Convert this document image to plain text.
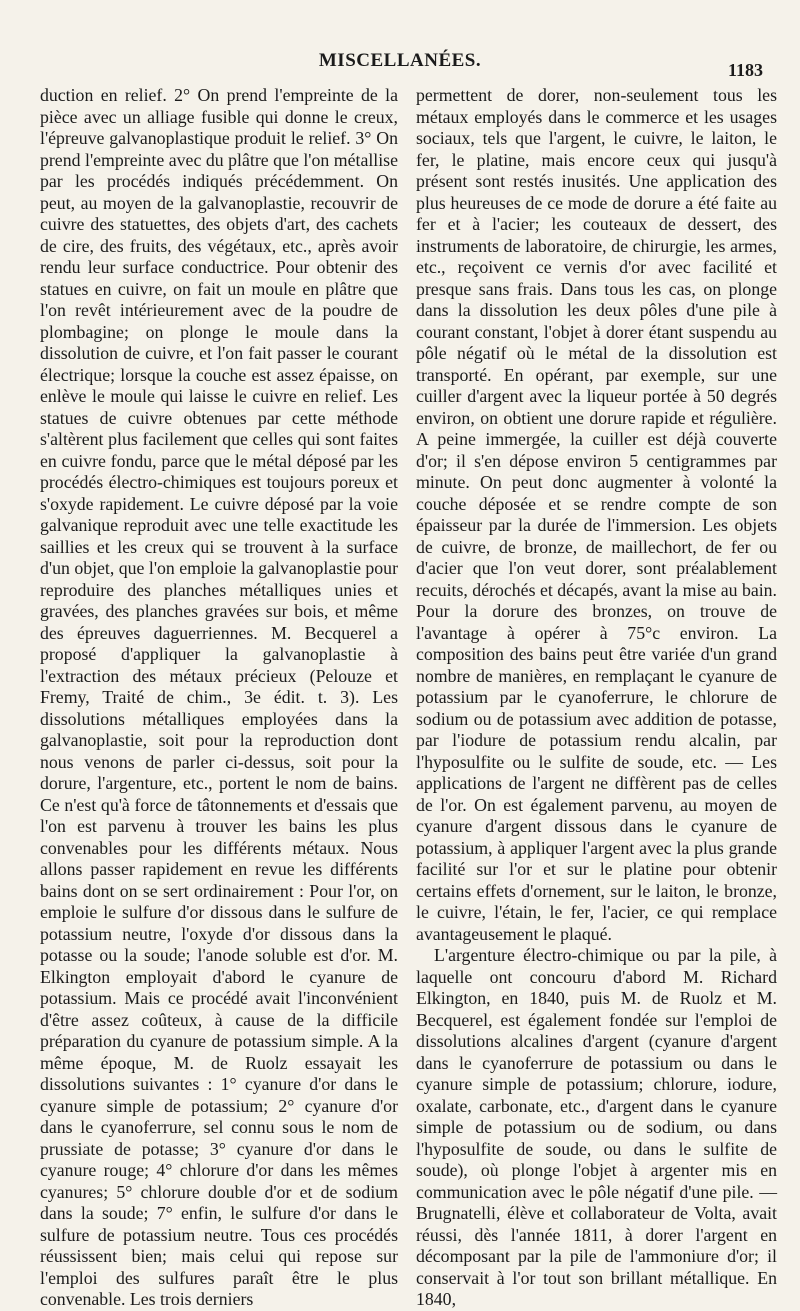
MISCELLANÉES.	1183

duction en relief. 2° On prend l'empreinte de la pièce avec un alliage fusible qui donne le creux, l'épreuve galvanoplastique produit le relief. 3° On prend l'empreinte avec du plâtre que l'on métallise par les procédés indiqués précédemment. On peut, au moyen de la galvanoplastie, recouvrir de cuivre des statuettes, des objets d'art, des cachets de cire, des fruits, des végétaux, etc., après avoir rendu leur surface conductrice. Pour obtenir des statues en cuivre, on fait un moule en plâtre que l'on revêt intérieurement avec de la poudre de plombagine; on plonge le moule dans la dissolution de cuivre, et l'on fait passer le courant électrique; lorsque la couche est assez épaisse, on enlève le moule qui laisse le cuivre en relief. Les statues de cuivre obtenues par cette méthode s'altèrent plus facilement que celles qui sont faites en cuivre fondu, parce que le métal déposé par les procédés électro-chimiques est toujours poreux et s'oxyde rapidement. Le cuivre déposé par la voie galvanique reproduit avec une telle exactitude les saillies et les creux qui se trouvent à la surface d'un objet, que l'on emploie la galvanoplastie pour reproduire des planches métalliques unies et gravées, des planches gravées sur bois, et même des épreuves daguerriennes. M. Becquerel a proposé d'appliquer la galvanoplastie à l'extraction des métaux précieux (Pelouze et Fremy, Traité de chim., 3e édit. t. 3). Les dissolutions métalliques employées dans la galvanoplastie, soit pour la reproduction dont nous venons de parler ci-dessus, soit pour la dorure, l'argenture, etc., portent le nom de bains. Ce n'est qu'à force de tâtonnements et d'essais que l'on est parvenu à trouver les bains les plus convenables pour les différents métaux. Nous allons passer rapidement en revue les différents bains dont on se sert ordinairement : Pour l'or, on emploie le sulfure d'or dissous dans le sulfure de potassium neutre, l'oxyde d'or dissous dans la potasse ou la soude; l'anode soluble est d'or. M. Elkington employait d'abord le cyanure de potassium. Mais ce procédé avait l'inconvénient d'être assez coûteux, à cause de la difficile préparation du cyanure de potassium simple. A la même époque, M. de Ruolz essayait les dissolutions suivantes : 1° cyanure d'or dans le cyanure simple de potassium; 2° cyanure d'or dans le cyanoferrure, sel connu sous le nom de prussiate de potasse; 3° cyanure d'or dans le cyanure rouge; 4° chlorure d'or dans les mêmes cyanures; 5° chlorure double d'or et de sodium dans la soude; 7° enfin, le sulfure d'or dans le sulfure de potassium neutre. Tous ces procédés réussissent bien; mais celui qui repose sur l'emploi des sulfures paraît être le plus convenable. Les trois derniers

permettent de dorer, non-seulement tous les métaux employés dans le commerce et les usages sociaux, tels que l'argent, le cuivre, le laiton, le fer, le platine, mais encore ceux qui jusqu'à présent sont restés inusités. Une application des plus heureuses de ce mode de dorure a été faite au fer et à l'acier; les couteaux de dessert, des instruments de laboratoire, de chirurgie, les armes, etc., reçoivent ce vernis d'or avec facilité et presque sans frais. Dans tous les cas, on plonge dans la dissolution les deux pôles d'une pile à courant constant, l'objet à dorer étant suspendu au pôle négatif où le métal de la dissolution est transporté. En opérant, par exemple, sur une cuiller d'argent avec la liqueur portée à 50 degrés environ, on obtient une dorure rapide et régulière. A peine immergée, la cuiller est déjà couverte d'or; il s'en dépose environ 5 centigrammes par minute. On peut donc augmenter à volonté la couche déposée et se rendre compte de son épaisseur par la durée de l'immersion. Les objets de cuivre, de bronze, de maillechort, de fer ou d'acier que l'on veut dorer, sont préalablement recuits, dérochés et décapés, avant la mise au bain. Pour la dorure des bronzes, on trouve de l'avantage à opérer à 75°c environ. La composition des bains peut être variée d'un grand nombre de manières, en remplaçant le cyanure de potassium par le cyanoferrure, le chlorure de sodium ou de potassium avec addition de potasse, par l'iodure de potassium rendu alcalin, par l'hyposulfite ou le sulfite de soude, etc. — Les applications de l'argent ne diffèrent pas de celles de l'or. On est également parvenu, au moyen de cyanure d'argent dissous dans le cyanure de potassium, à appliquer l'argent avec la plus grande facilité sur l'or et sur le platine pour obtenir certains effets d'ornement, sur le laiton, le bronze, le cuivre, l'étain, le fer, l'acier, ce qui remplace avantageusement le plaqué.

L'argenture électro-chimique ou par la pile, à laquelle ont concouru d'abord M. Richard Elkington, en 1840, puis M. de Ruolz et M. Becquerel, est également fondée sur l'emploi de dissolutions alcalines d'argent (cyanure d'argent dans le cyanoferrure de potassium ou dans le cyanure simple de potassium; chlorure, iodure, oxalate, carbonate, etc., d'argent dans le cyanure simple de potassium ou de sodium, ou dans l'hyposulfite de soude, ou dans le sulfite de soude), où plonge l'objet à argenter mis en communication avec le pôle négatif d'une pile. — Brugnatelli, élève et collaborateur de Volta, avait réussi, dès l'année 1811, à dorer l'argent en décomposant par la pile de l'ammoniure d'or; il conservait à l'or tout son brillant métallique. En 1840,
